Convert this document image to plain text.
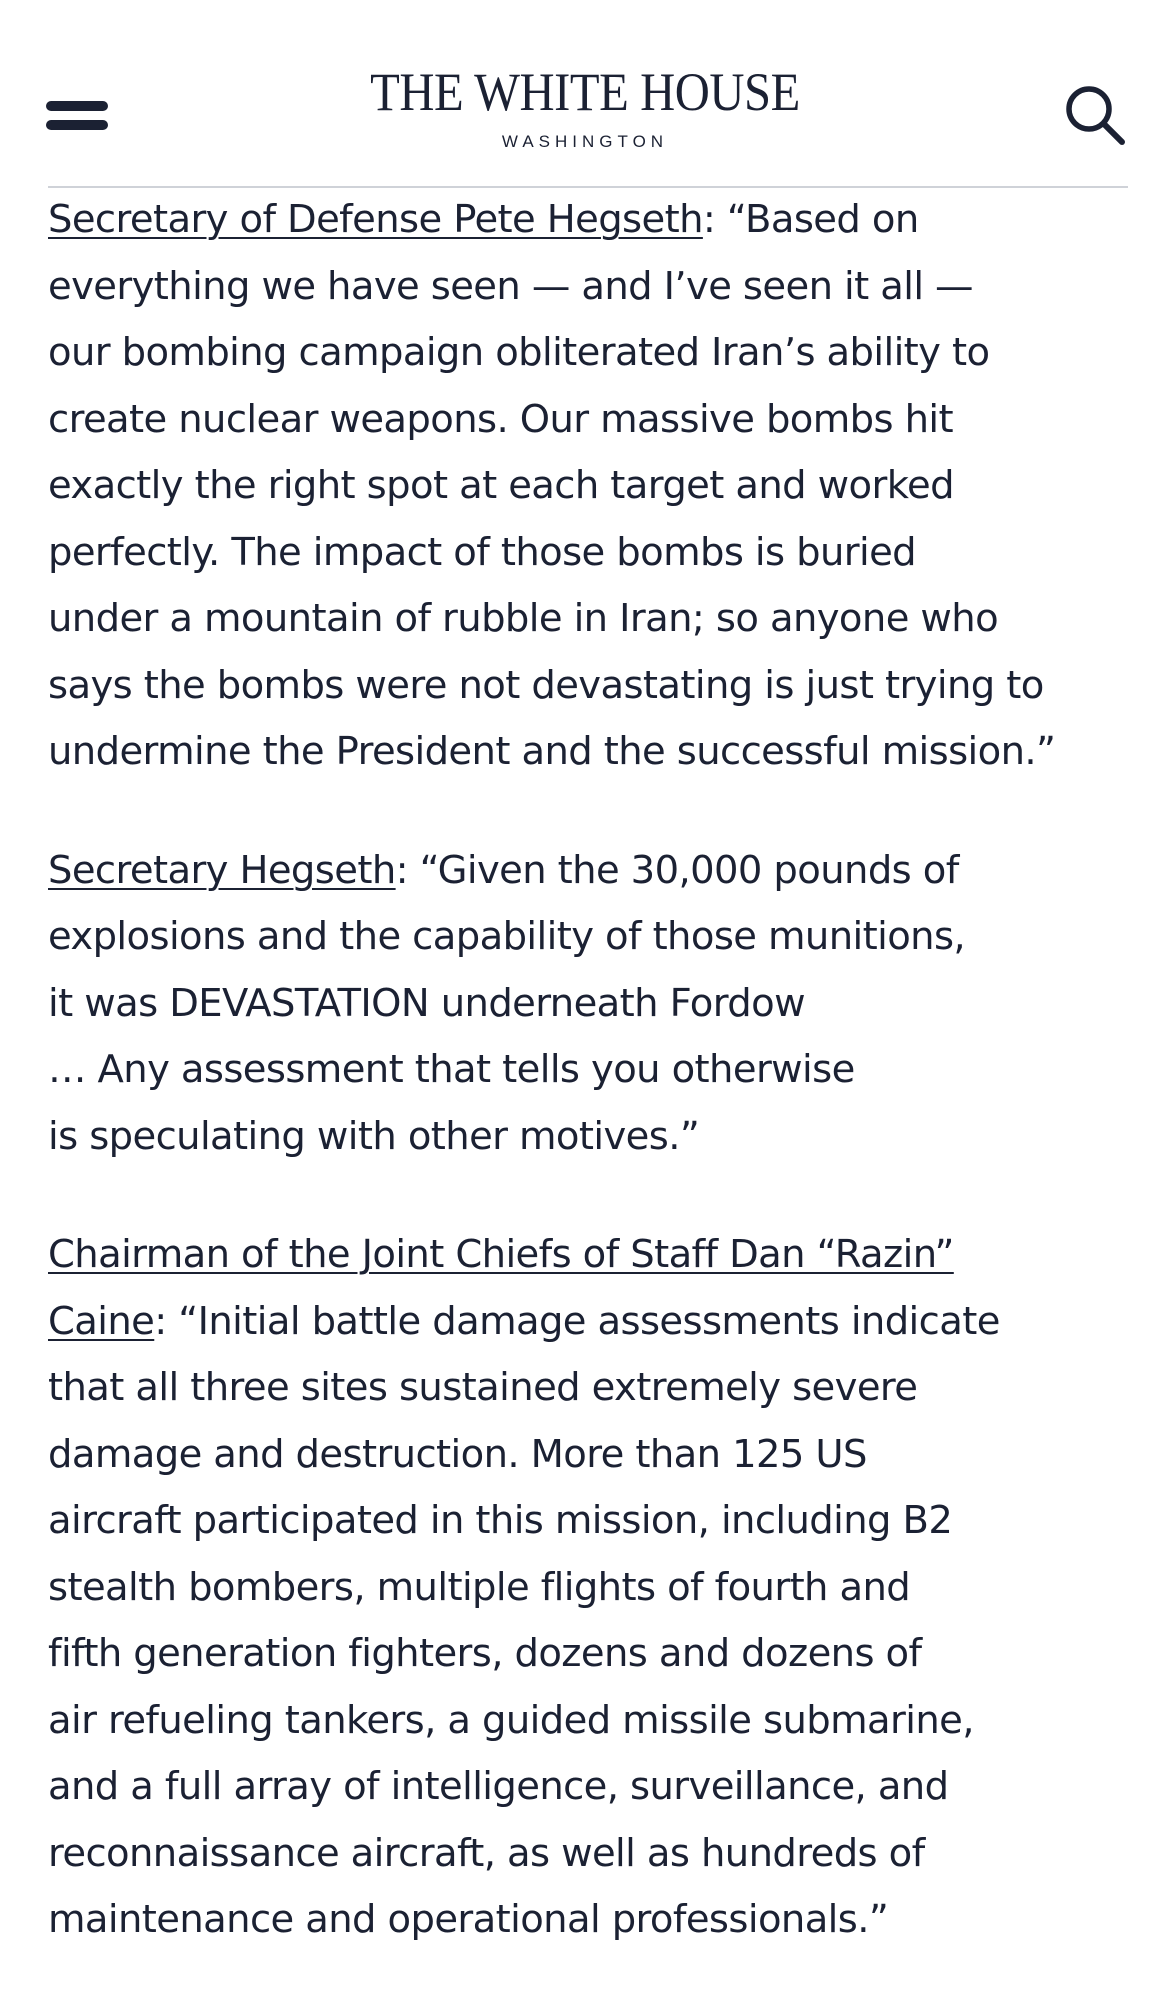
THE WHITE HOUSE
WASHINGTON

Secretary of Defense Pete Hegseth: “Based on
everything we have seen — and I’ve seen it all —
our bombing campaign obliterated Iran’s ability to
create nuclear weapons. Our massive bombs hit
exactly the right spot at each target and worked
perfectly. The impact of those bombs is buried
under a mountain of rubble in Iran; so anyone who
says the bombs were not devastating is just trying to
undermine the President and the successful mission.”

Secretary Hegseth: “Given the 30,000 pounds of
explosions and the capability of those munitions,
it was DEVASTATION underneath Fordow
… Any assessment that tells you otherwise
is speculating with other motives.”

Chairman of the Joint Chiefs of Staff Dan “Razin”
Caine: “Initial battle damage assessments indicate
that all three sites sustained extremely severe
damage and destruction. More than 125 US
aircraft participated in this mission, including B2
stealth bombers, multiple flights of fourth and
fifth generation fighters, dozens and dozens of
air refueling tankers, a guided missile submarine,
and a full array of intelligence, surveillance, and
reconnaissance aircraft, as well as hundreds of
maintenance and operational professionals.”
